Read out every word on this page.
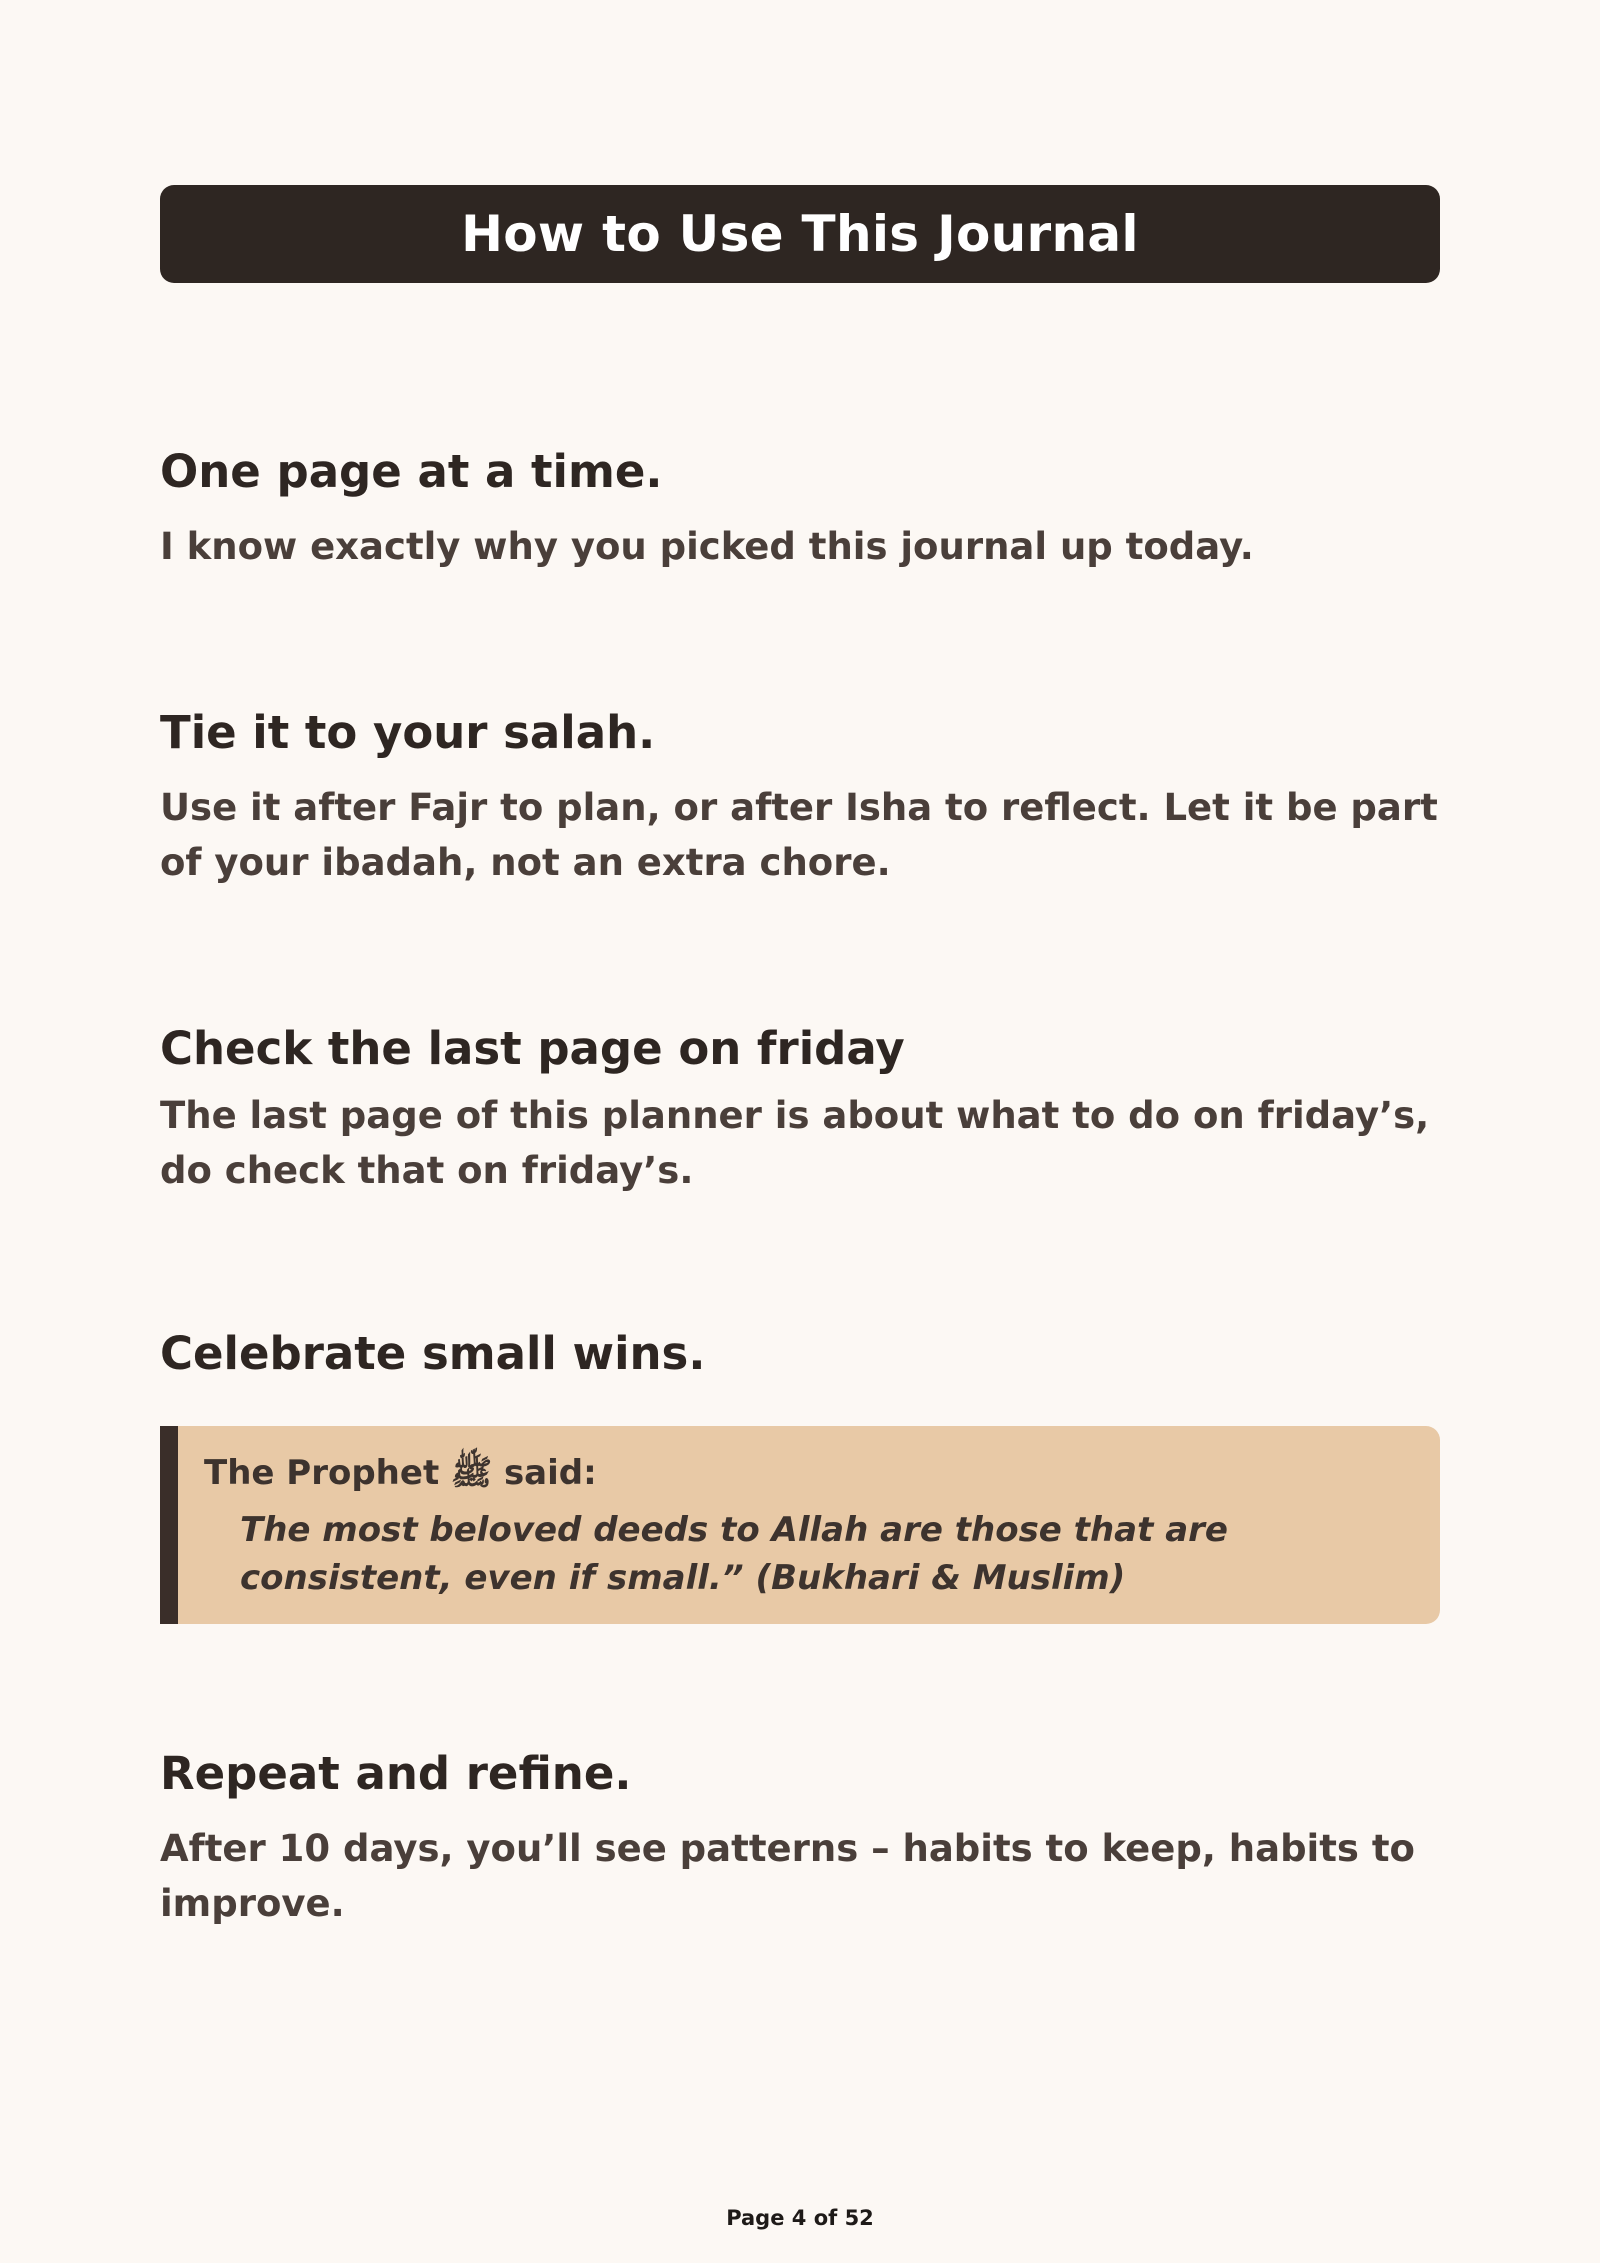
How to Use This Journal
One page at a time.

I know exactly why you picked this journal up today.

Tie it to your salah.

Use it after Fajr to plan, or after Isha to reflect. Let it be part of your ibadah, not an extra chore.

Check the last page on friday

The last page of this planner is about what to do on friday’s, do check that on friday’s.

Celebrate small wins.
The Prophet ﷺ said:

The most beloved deeds to Allah are those that are consistent, even if small.” (Bukhari & Muslim)

Repeat and refine.

After 10 days, you’ll see patterns – habits to keep, habits to improve.

Page 4 of 52
